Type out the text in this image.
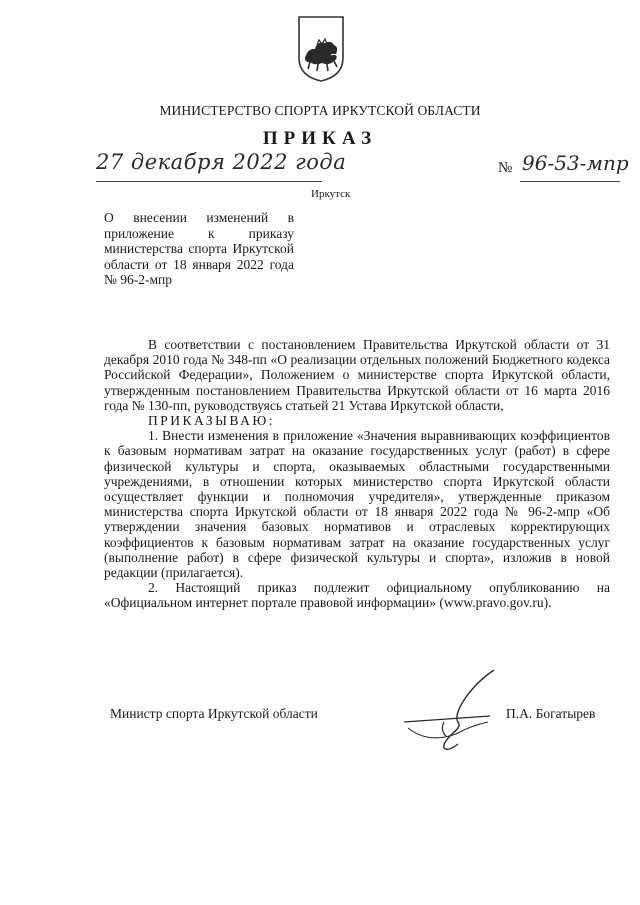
МИНИСТЕРСТВО СПОРТА ИРКУТСКОЙ ОБЛАСТИ
ПРИКАЗ
27 декабря 2022 года	№ 96-53-мпр
Иркутск
О внесении изменений в приложение к приказу министерства спорта Иркутской области от 18 января 2022 года № 96-2-мпр

В соответствии с постановлением Правительства Иркутской области от 31 декабря 2010 года № 348-пп «О реализации отдельных положений Бюджетного кодекса Российской Федерации», Положением о министерстве спорта Иркутской области, утвержденным постановлением Правительства Иркутской области от 16 марта 2016 года № 130-пп, руководствуясь статьей 21 Устава Иркутской области,

ПРИКАЗЫВАЮ:

1. Внести изменения в приложение «Значения выравнивающих коэффициентов к базовым нормативам затрат на оказание государственных услуг (работ) в сфере физической культуры и спорта, оказываемых областными государственными учреждениями, в отношении которых министерство спорта Иркутской области осуществляет функции и полномочия учредителя», утвержденные приказом министерства спорта Иркутской области от 18 января 2022 года № 96-2-мпр «Об утверждении значения базовых нормативов и отраслевых корректирующих коэффициентов к базовым нормативам затрат на оказание государственных услуг (выполнение работ) в сфере физической культуры и спорта», изложив в новой редакции (прилагается).

2. Настоящий приказ подлежит официальному опубликованию на «Официальном интернет портале правовой информации» (www.pravo.gov.ru).

Министр спорта Иркутской области	П.А. Богатырев
